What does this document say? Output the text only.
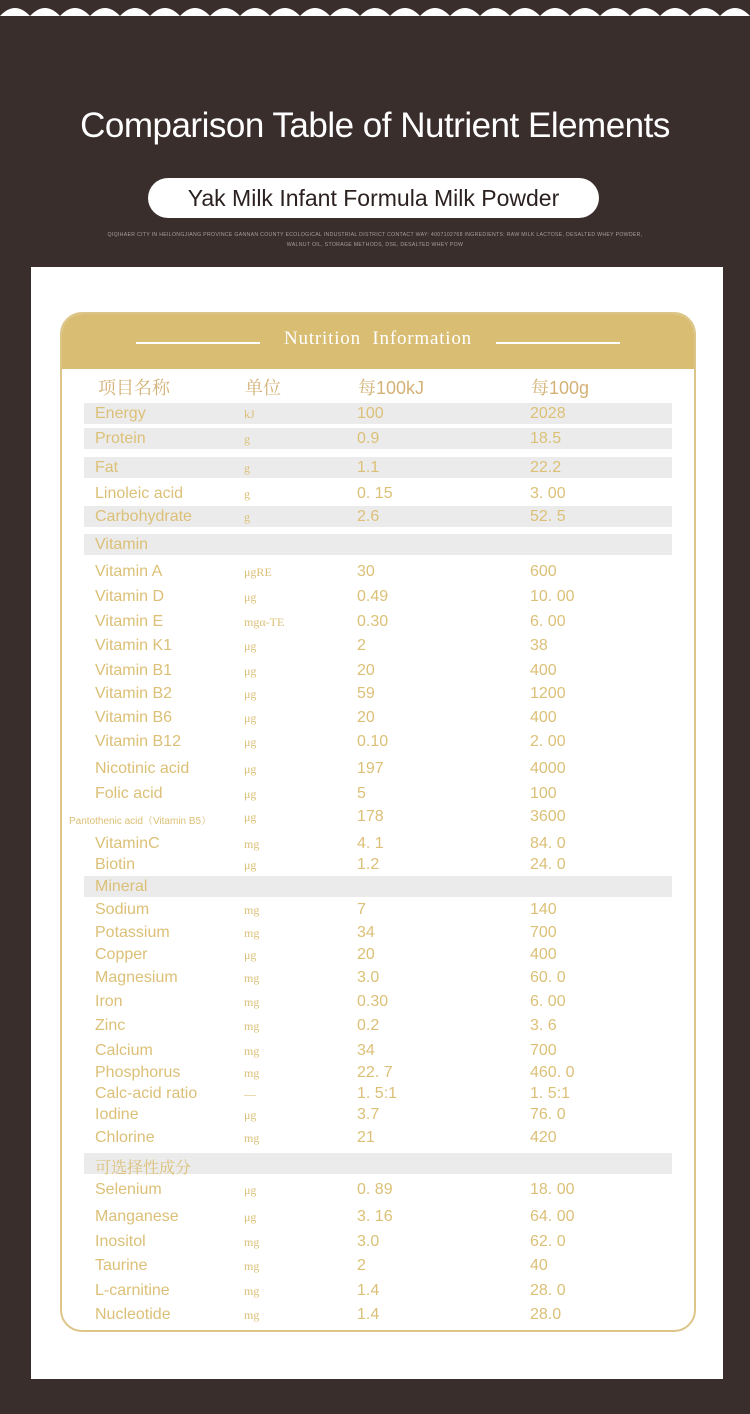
Comparison Table of Nutrient Elements
Yak Milk Infant Formula Milk Powder
QIQIHAER CITY IN HEILONGJIANG PROVINCE GANNAN COUNTY ECOLOGICAL INDUSTRIAL DISTRICT CONTACT WAY: 4007102768 INGREDIENTS: RAW MILK LACTOSE, DESALTED WHEY POWDER, WALNUT OIL, STORAGE METHODS, DSE, DESALTED WHEY POW
Nutrition Information
项目名称	单位	每100kJ	每100g
Energy	kJ	100	2028
Protein	g	0.9	18.5
Fat	g	1.1	22.2
Linoleic acid	g	0. 15	3. 00
Carbohydrate	g	2.6	52. 5
Vitamin
Vitamin A	μgRE	30	600
Vitamin D	μg	0.49	10. 00
Vitamin E	mgα-TE	0.30	6. 00
Vitamin K1	μg	2	38
Vitamin B1	μg	20	400
Vitamin B2	μg	59	1200
Vitamin B6	μg	20	400
Vitamin B12	μg	0.10	2. 00
Nicotinic acid	μg	197	4000
Folic acid	μg	5	100
Pantothenic acid（Vitamin B5）	μg	178	3600
VitaminC	mg	4. 1	84. 0
Biotin	μg	1.2	24. 0
Mineral
Sodium	mg	7	140
Potassium	mg	34	700
Copper	μg	20	400
Magnesium	mg	3.0	60. 0
Iron	mg	0.30	6. 00
Zinc	mg	0.2	3. 6
Calcium	mg	34	700
Phosphorus	mg	22. 7	460. 0
Calc-acid ratio	—	1. 5:1	1. 5:1
Iodine	μg	3.7	76. 0
Chlorine	mg	21	420
可选择性成分
Selenium	μg	0. 89	18. 00
Manganese	μg	3. 16	64. 00
Inositol	mg	3.0	62. 0
Taurine	mg	2	40
L-carnitine	mg	1.4	28. 0
Nucleotide	mg	1.4	28.0
